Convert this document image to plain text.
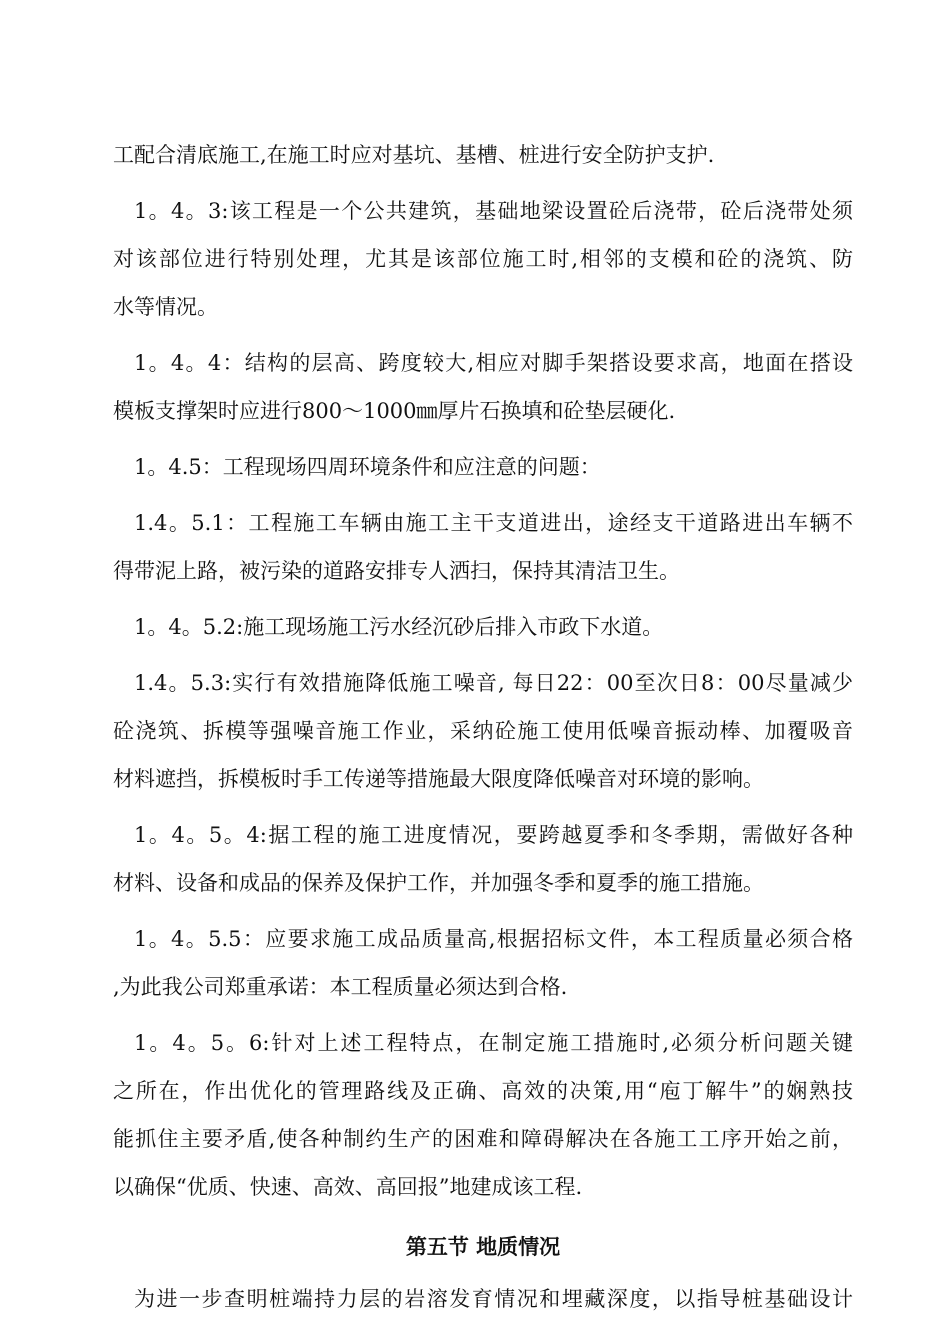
工配合清底施工,在施工时应对基坑、基槽、桩进行安全防护支护.
1。4。3:该工程是一个公共建筑，基础地梁设置砼后浇带，砼后浇带处须
对该部位进行特别处理，尤其是该部位施工时,相邻的支模和砼的浇筑、防
水等情况。
1。4。4：结构的层高、跨度较大,相应对脚手架搭设要求高，地面在搭设
模板支撑架时应进行800～1000㎜厚片石换填和砼垫层硬化.
1。4.5：工程现场四周环境条件和应注意的问题：
1.4。5.1：工程施工车辆由施工主干支道进出，途经支干道路进出车辆不
得带泥上路，被污染的道路安排专人洒扫，保持其清洁卫生。
1。4。5.2:施工现场施工污水经沉砂后排入市政下水道。
1.4。5.3:实行有效措施降低施工噪音, 每日22：00至次日8：00尽量减少
砼浇筑、拆模等强噪音施工作业，采纳砼施工使用低噪音振动棒、加覆吸音
材料遮挡，拆模板时手工传递等措施最大限度降低噪音对环境的影响。
1。4。5。4:据工程的施工进度情况，要跨越夏季和冬季期，需做好各种
材料、设备和成品的保养及保护工作，并加强冬季和夏季的施工措施。
1。4。5.5：应要求施工成品质量高,根据招标文件，本工程质量必须合格
,为此我公司郑重承诺：本工程质量必须达到合格.
1。4。5。6:针对上述工程特点，在制定施工措施时,必须分析问题关键
之所在，作出优化的管理路线及正确、高效的决策,用“庖丁解牛”的娴熟技
能抓住主要矛盾,使各种制约生产的困难和障碍解决在各施工工序开始之前，
以确保“优质、快速、高效、高回报”地建成该工程.
第五节 地质情况
为进一步查明桩端持力层的岩溶发育情况和埋藏深度，以指导桩基础设计
